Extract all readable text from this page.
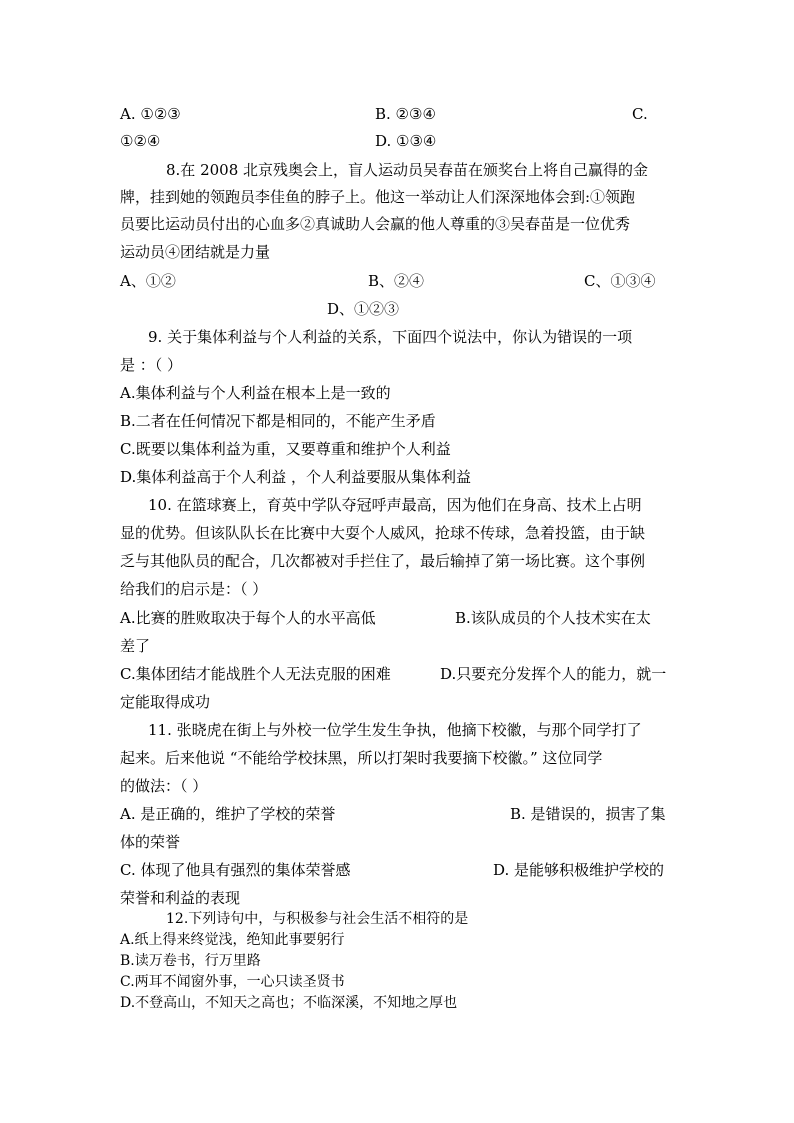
A. ①②③	B. ②③④	C.
①②④	D. ①③④
8.在 2008 北京残奥会上，盲人运动员吴春苗在颁奖台上将自己赢得的金
牌，挂到她的领跑员李佳鱼的脖子上。他这一举动让人们深深地体会到:①领跑
员要比运动员付出的心血多②真诚助人会赢的他人尊重的③吴春苗是一位优秀
运动员④团结就是力量
A、①②	B、②④	C、①③④
D、①②③
9. 关于集体利益与个人利益的关系，下面四个说法中，你认为错误的一项
是 ：（ ）
A.集体利益与个人利益在根本上是一致的
B.二者在任何情况下都是相同的，不能产生矛盾
C.既要以集体利益为重，又要尊重和维护个人利益
D.集体利益高于个人利益 ，个人利益要服从集体利益
10. 在篮球赛上，育英中学队夺冠呼声最高，因为他们在身高、技术上占明
显的优势。但该队队长在比赛中大耍个人威风，抢球不传球，急着投篮，由于缺
乏与其他队员的配合，几次都被对手拦住了，最后输掉了第一场比赛。这个事例
给我们的启示是：（ ）
A.比赛的胜败取决于每个人的水平高低	B.该队成员的个人技术实在太
差了
C.集体团结才能战胜个人无法克服的困难	D.只要充分发挥个人的能力，就一
定能取得成功
11. 张晓虎在街上与外校一位学生发生争执，他摘下校徽，与那个同学打了
起来。后来他说 “不能给学校抹黑，所以打架时我要摘下校徽。” 这位同学
的做法：（ ）
A. 是正确的，维护了学校的荣誉	B. 是错误的，损害了集
体的荣誉
C. 体现了他具有强烈的集体荣誉感	D. 是能够积极维护学校的
荣誉和利益的表现
12.下列诗句中，与积极参与社会生活不相符的是
A.纸上得来终觉浅，绝知此事要躬行
B.读万卷书，行万里路
C.两耳不闻窗外事，一心只读圣贤书
D.不登高山，不知天之高也；不临深溪，不知地之厚也
